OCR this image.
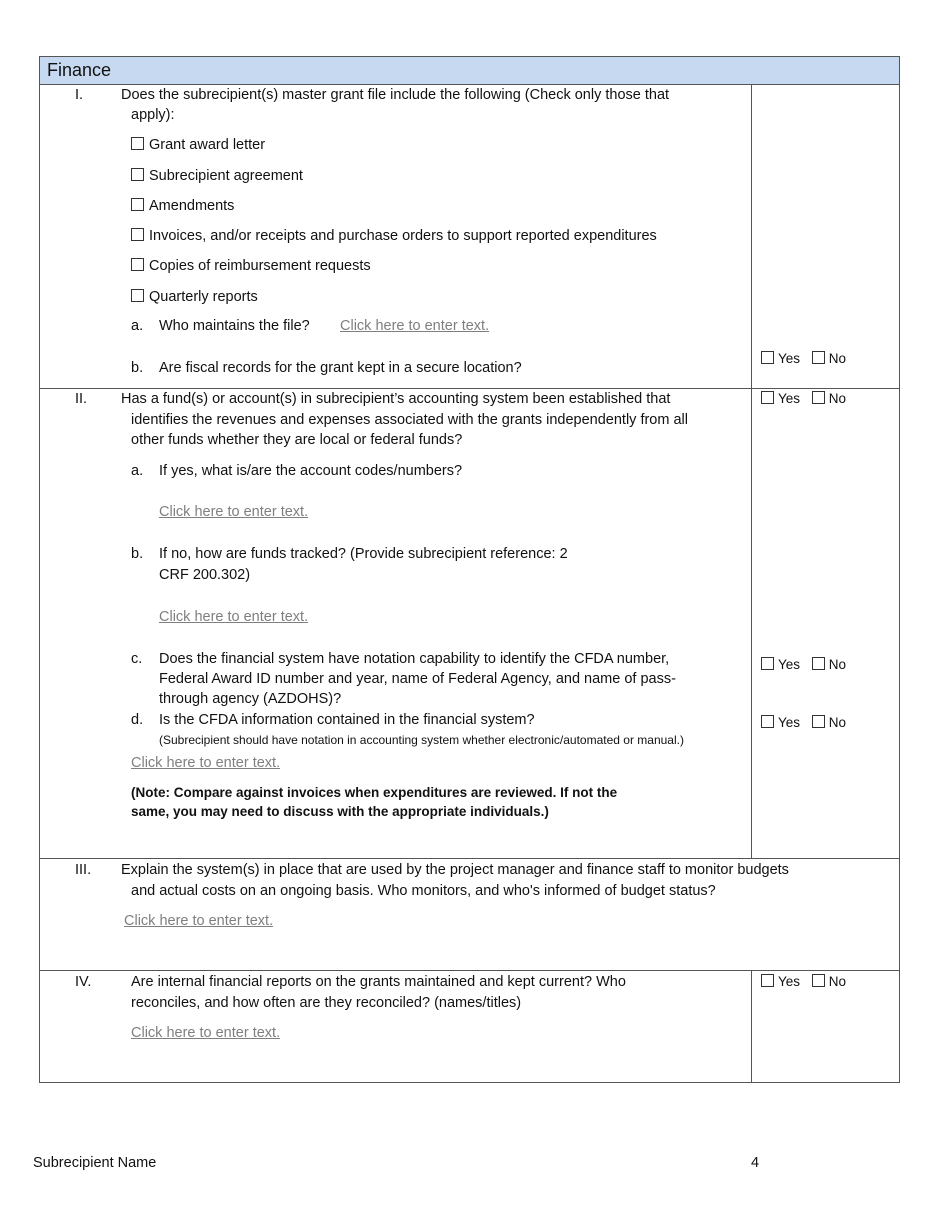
Finance
I.	Does the subrecipient(s) master grant file include the following (Check only those that
apply):
Grant award letter
Subrecipient agreement
Amendments
Invoices, and/or receipts and purchase orders to support reported expenditures
Copies of reimbursement requests
Quarterly reports
a. Who maintains the file? Click here to enter text.
b. Are fiscal records for the grant kept in a secure location?
Yes No
II. Has a fund(s) or account(s) in subrecipient’s accounting system been established that
identifies the revenues and expenses associated with the grants independently from all
other funds whether they are local or federal funds?
Yes No
a. If yes, what is/are the account codes/numbers?
Click here to enter text.
b. If no, how are funds tracked? (Provide subrecipient reference: 2
CRF 200.302)
Click here to enter text.
c. Does the financial system have notation capability to identify the CFDA number,
Federal Award ID number and year, name of Federal Agency, and name of pass-
through agency (AZDOHS)?
Yes No
d. Is the CFDA information contained in the financial system?
(Subrecipient should have notation in accounting system whether electronic/automated or manual.)
Yes No
Click here to enter text.
(Note: Compare against invoices when expenditures are reviewed. If not the
same, you may need to discuss with the appropriate individuals.)
III. Explain the system(s) in place that are used by the project manager and finance staff to monitor budgets
and actual costs on an ongoing basis. Who monitors, and who's informed of budget status?
Click here to enter text.
IV.	Are internal financial reports on the grants maintained and kept current? Who
reconciles, and how often are they reconciled? (names/titles)
Yes No
Click here to enter text.
Subrecipient Name	4
